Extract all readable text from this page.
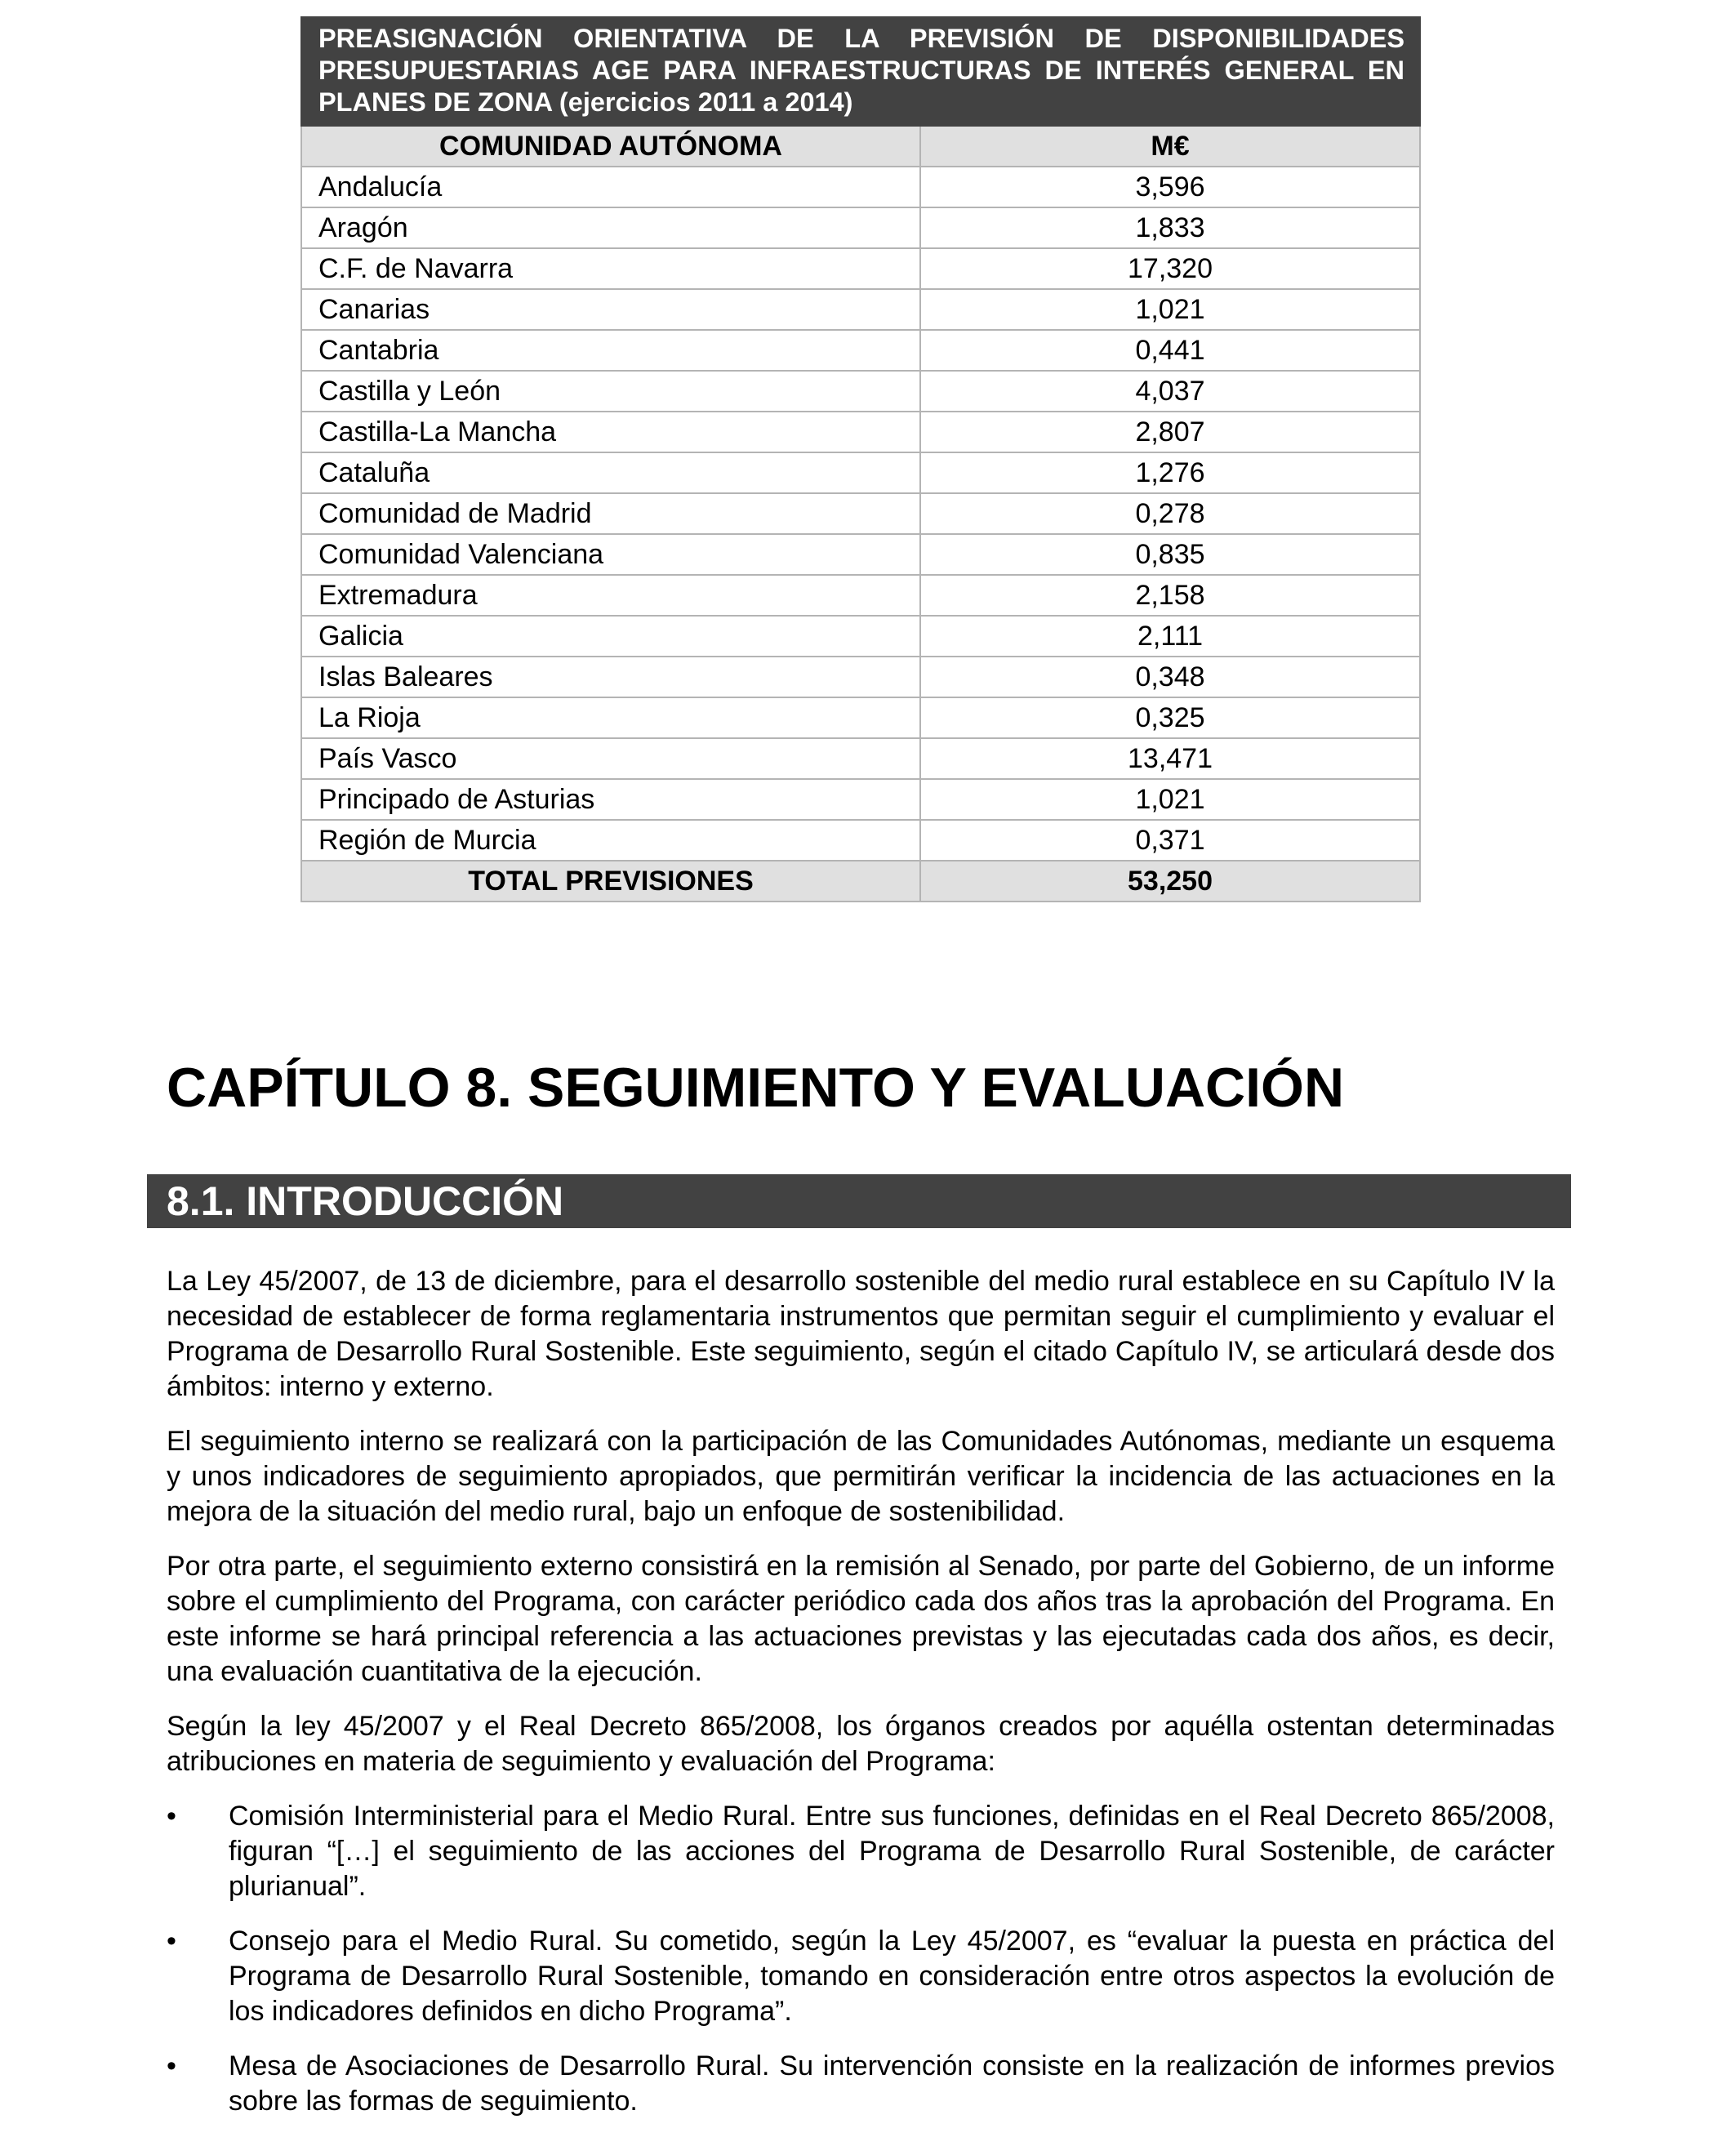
PREASIGNACIÓN ORIENTATIVA DE LA PREVISIÓN DE DISPONIBILIDADES PRESUPUESTARIAS AGE PARA INFRAESTRUCTURAS DE INTERÉS GENERAL EN PLANES DE ZONA (ejercicios 2011 a 2014)	
COMUNIDAD AUTÓNOMA	M€
Andalucía	3,596
Aragón	1,833
C.F. de Navarra	17,320
Canarias	1,021
Cantabria	0,441
Castilla y León	4,037
Castilla-La Mancha	2,807
Cataluña	1,276
Comunidad de Madrid	0,278
Comunidad Valenciana	0,835
Extremadura	2,158
Galicia	2,111
Islas Baleares	0,348
La Rioja	0,325
País Vasco	13,471
Principado de Asturias	1,021
Región de Murcia	0,371
TOTAL PREVISIONES	53,250
CAPÍTULO 8. SEGUIMIENTO Y EVALUACIÓN
8.1. INTRODUCCIÓN

La Ley 45/2007, de 13 de diciembre, para el desarrollo sostenible del medio rural establece en su Capítulo IV la necesidad de establecer de forma reglamentaria instrumentos que permitan seguir el cumplimiento y evaluar el Programa de Desarrollo Rural Sostenible. Este seguimiento, según el citado Capítulo IV, se articulará desde dos ámbitos: interno y externo.

El seguimiento interno se realizará con la participación de las Comunidades Autónomas, mediante un esquema y unos indicadores de seguimiento apropiados, que permitirán verificar la incidencia de las actuaciones en la mejora de la situación del medio rural, bajo un enfoque de sostenibilidad.

Por otra parte, el seguimiento externo consistirá en la remisión al Senado, por parte del Gobierno, de un informe sobre el cumplimiento del Programa, con carácter periódico cada dos años tras la aprobación del Programa. En este informe se hará principal referencia a las actuaciones previstas y las ejecutadas cada dos años, es decir, una evaluación cuantitativa de la ejecución.

Según la ley 45/2007 y el Real Decreto 865/2008, los órganos creados por aquélla ostentan determinadas atribuciones en materia de seguimiento y evaluación del Programa:

• Comisión Interministerial para el Medio Rural. Entre sus funciones, definidas en el Real Decreto 865/2008, figuran “[…] el seguimiento de las acciones del Programa de Desarrollo Rural Sostenible, de carácter plurianual”.
• Consejo para el Medio Rural. Su cometido, según la Ley 45/2007, es “evaluar la puesta en práctica del Programa de Desarrollo Rural Sostenible, tomando en consideración entre otros aspectos la evolución de los indicadores definidos en dicho Programa”.
• Mesa de Asociaciones de Desarrollo Rural. Su intervención consiste en la realización de informes previos sobre las formas de seguimiento.
